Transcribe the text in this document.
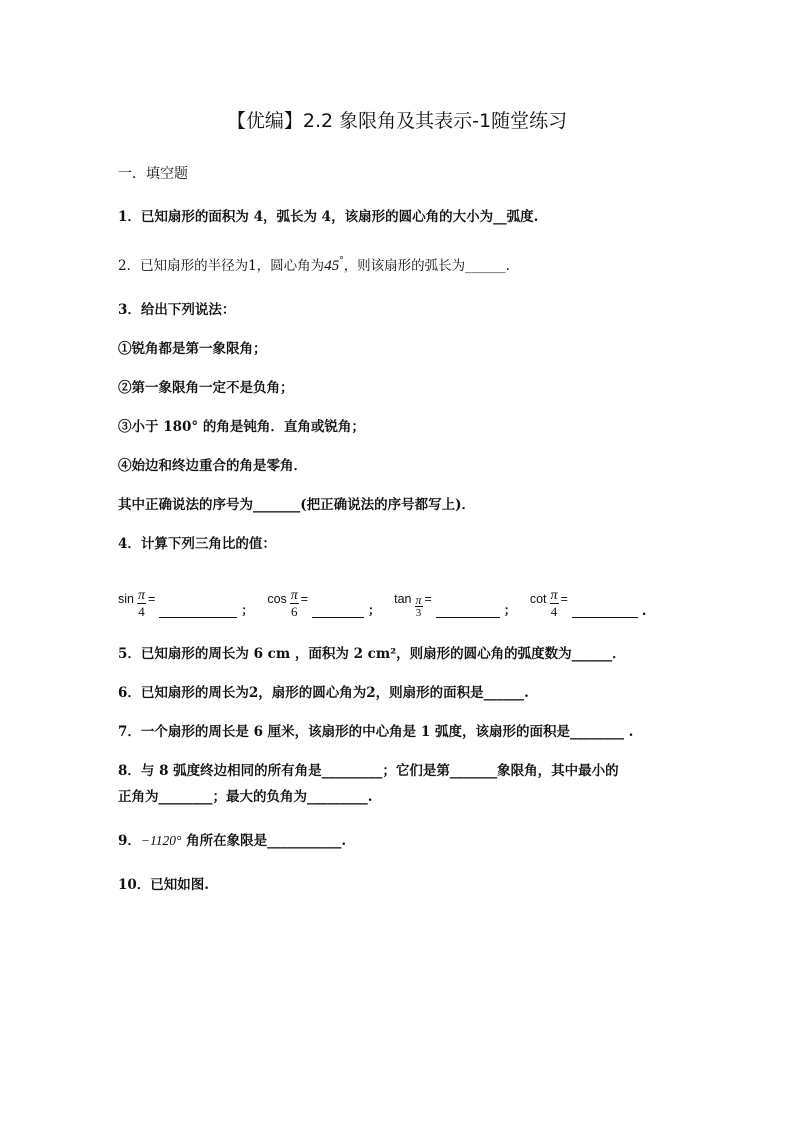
【优编】2.2 象限角及其表示-1随堂练习
一．填空题
1．已知扇形的面积为 4，弧长为 4，该扇形的圆心角的大小为__弧度.
2．已知扇形的半径为1，圆心角为45°，则该扇形的弧长为______.
3．给出下列说法：
①锐角都是第一象限角；
②第一象限角一定不是负角；
③小于 180° 的角是钝角．直角或锐角；
④始边和终边重合的角是零角．
其中正确说法的序号为_______(把正确说法的序号都写上)．
4．计算下列三角比的值：
$\sin \frac{\pi}{4}$ =
；
$\cos \frac{\pi}{6}$ =
；
$\tan \frac{\pi}{3}$ =
；
$\cot \frac{\pi}{4}$ =
.
5．已知扇形的周长为 6 cm ，面积为 2 cm²，则扇形的圆心角的弧度数为______．
6．已知扇形的周长为2，扇形的圆心角为2，则扇形的面积是______.
7．一个扇形的周长是 6 厘米，该扇形的中心角是 1 弧度，该扇形的面积是________ .
8．与 8 弧度终边相同的所有角是_________；它们是第_______象限角，其中最小的
正角为________；最大的负角为_________.
9．−1120° 角所在象限是___________.
10．已知如图.
